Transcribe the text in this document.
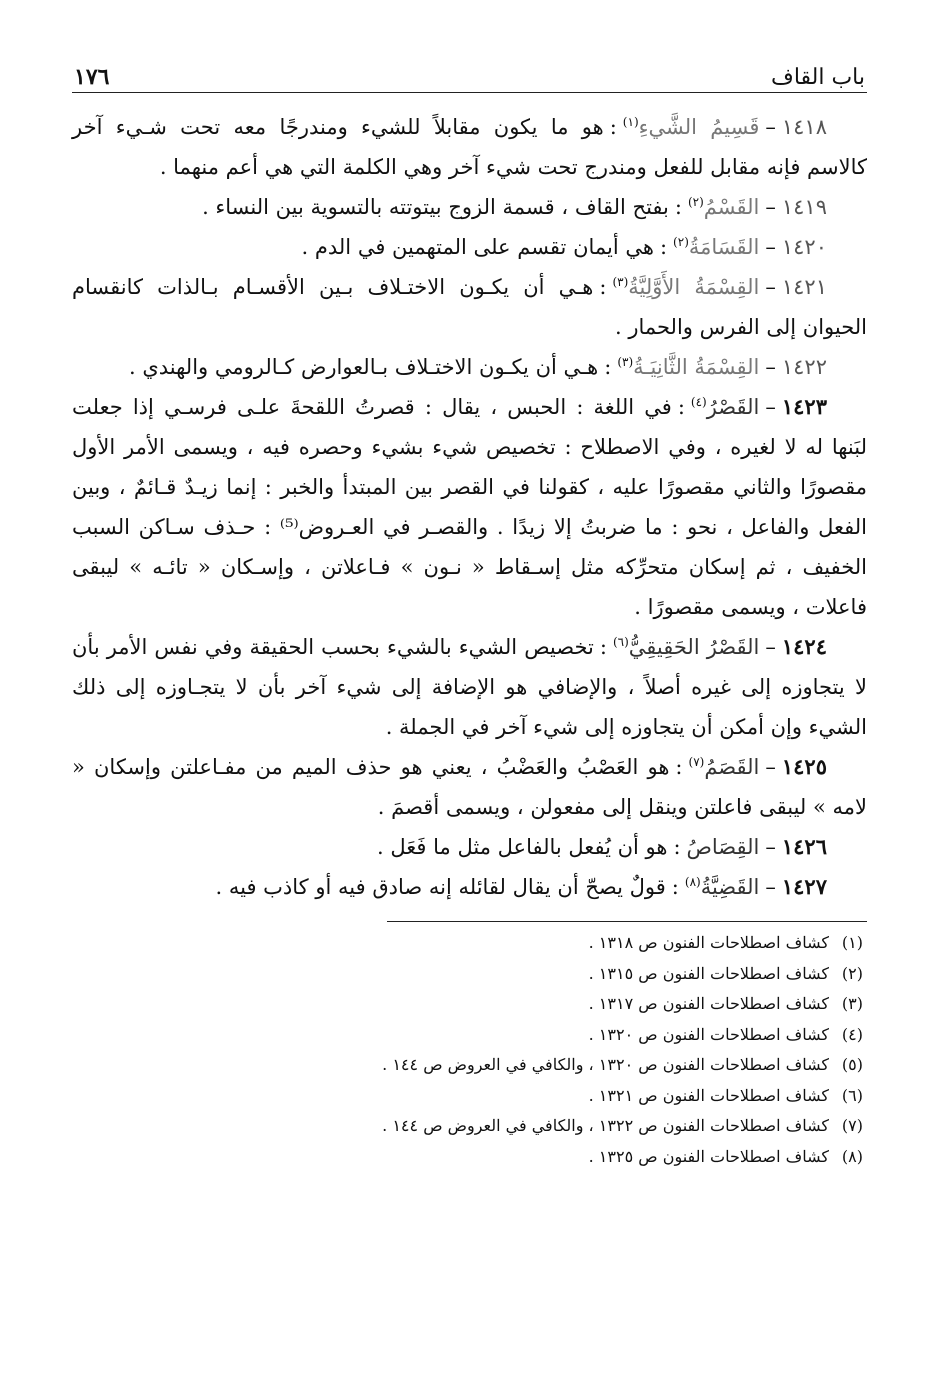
باب القاف
١٧٦

١٤١٨–قَسِيمُ الشَّيءِ$^{(١)}$:هو ما يكون مقابلاً للشيء ومندرجًا معه تحت شـيء آخر كالاسم فإنه مقابل للفعل ومندرج تحت شيء آخر وهي الكلمة التي هي أعم منهما .

١٤١٩–القَسْمُ$^{(٢)}$:بفتح القاف ، قسمة الزوج بيتوتته بالتسوية بين النساء .

١٤٢٠–القَسَامَةُ$^{(٢)}$:هي أيمان تقسم على المتهمين في الدم .

١٤٢١–القِسْمَةُ الأَوَّلِيَّةُ$^{(٣)}$:هـي أن يكـون الاختـلاف بـين الأقسـام بـالذات كانقسام الحيوان إلى الفرس والحمار .

١٤٢٢–القِسْمَةُ الثَّانِيَـةُ$^{(٣)}$:هـي أن يكـون الاختـلاف بـالعوارض كـالرومي والهندي .

١٤٢٣–القَصْرُ$^{(٤)}$:في اللغة : الحبس ، يقال : قصرتُ اللقحةَ علـى فرسـي إذا جعلت لبَنها له لا لغيره ، وفي الاصطلاح : تخصيص شيء بشيء وحصره فيه ، ويسمى الأمر الأول مقصورًا والثاني مقصورًا عليه ، كقولنا في القصر بين المبتدأ والخبر : إنما زيـدٌ قـائمٌ ، وبين الفعل والفاعل ، نحو : ما ضربتُ إلا زيدًا . والقصـر في العـروض⁽⁵⁾ : حـذف سـاكن السبب الخفيف ، ثم إسكان متحرِّكه مثل إسـقاط « نـون » فـاعلاتن ، وإسـكان « تائـه » ليبقى فاعلات ، ويسمى مقصورًا .

١٤٢٤–القَصْرُ الحَقِيقِيُّ$^{(٦)}$:تخصيص الشيء بالشيء بحسب الحقيقة وفي نفس الأمر بأن لا يتجاوزه إلى غيره أصلاً ، والإضافي هو الإضافة إلى شيء آخر بأن لا يتجـاوزه إلى ذلك الشيء وإن أمكن أن يتجاوزه إلى شيء آخر في الجملة .

١٤٢٥–القَصَمُ$^{(٧)}$:هو العَصْبُ والعَضْبُ ، يعني هو حذف الميم من مفـاعلتن وإسكان « لامه » ليبقى فاعلتن وينقل إلى مفعولن ، ويسمى أقصمَ .

١٤٢٦–القِصَاصُ:هو أن يُفعل بالفاعل مثل ما فَعَل .

١٤٢٧–القَضِيَّةُ$^{(٨)}$:قولٌ يصحّ أن يقال لقائله إنه صادق فيه أو كاذب فيه .

(١)كشاف اصطلاحات الفنون ص ١٣١٨ .
(٢)كشاف اصطلاحات الفنون ص ١٣١٥ .
(٣)كشاف اصطلاحات الفنون ص ١٣١٧ .
(٤)كشاف اصطلاحات الفنون ص ١٣٢٠ .
(٥)كشاف اصطلاحات الفنون ص ١٣٢٠ ، والكافي في العروض ص ١٤٤ .
(٦)كشاف اصطلاحات الفنون ص ١٣٢١ .
(٧)كشاف اصطلاحات الفنون ص ١٣٢٢ ، والكافي في العروض ص ١٤٤ .
(٨)كشاف اصطلاحات الفنون ص ١٣٢٥ .
